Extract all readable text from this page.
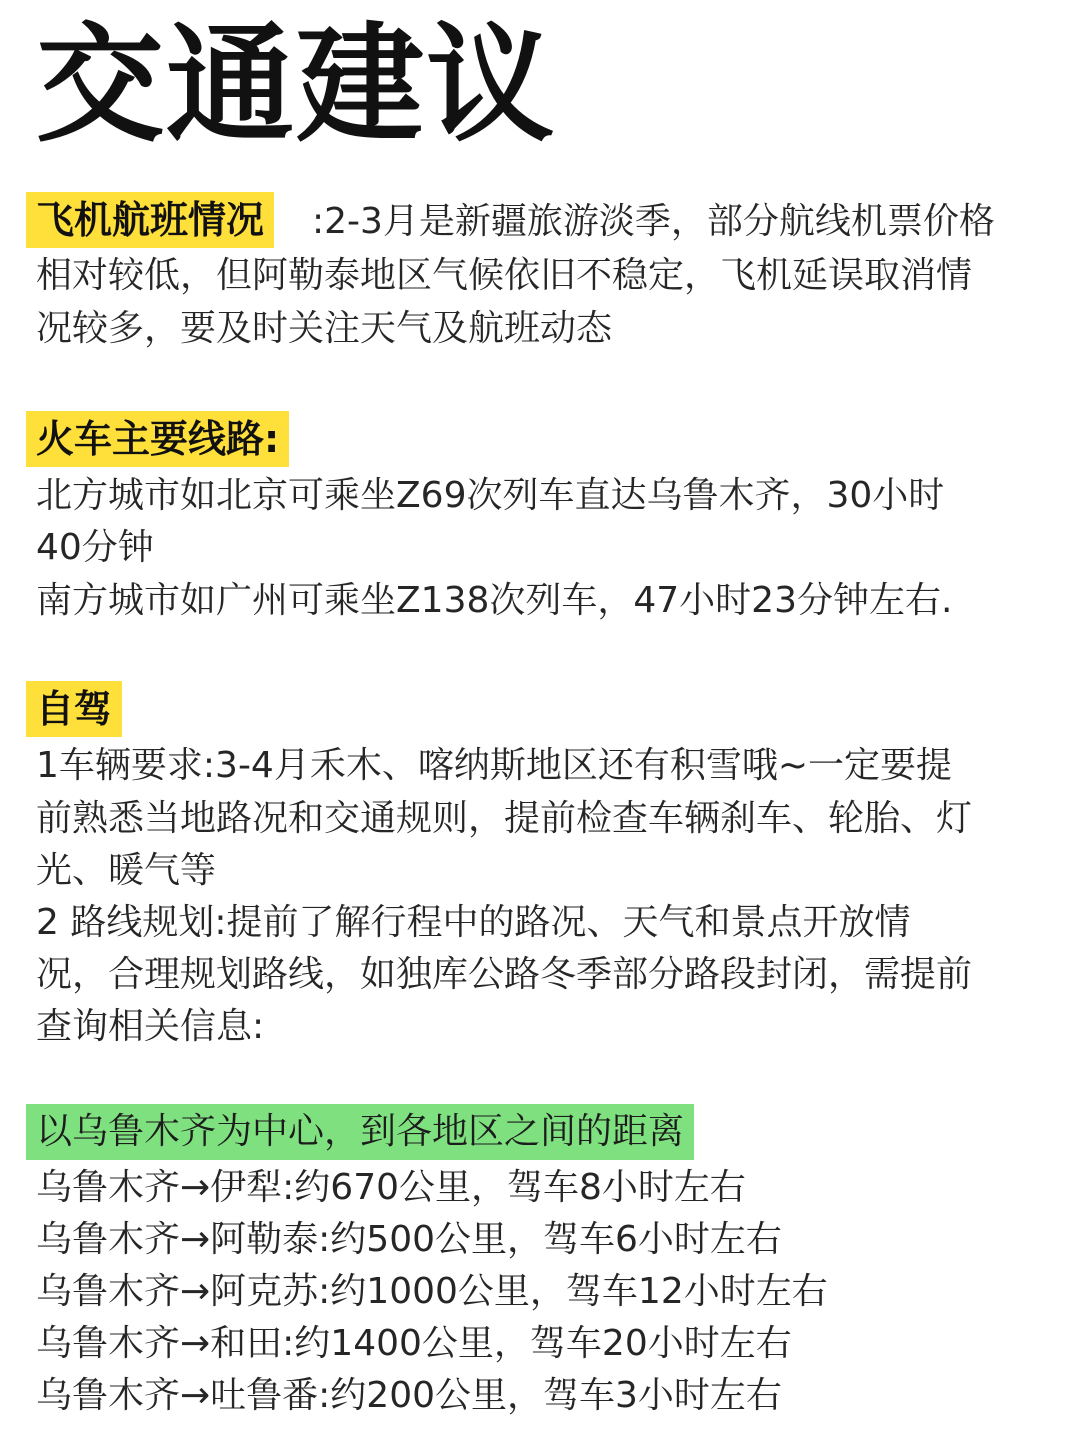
交通建议
飞机航班情况 :2-3月是新疆旅游淡季，部分航线机票价格
相对较低，但阿勒泰地区气候依旧不稳定，飞机延误取消情
况较多，要及时关注天气及航班动态
火车主要线路:
北方城市如北京可乘坐Z69次列车直达乌鲁木齐，30小时
40分钟
南方城市如广州可乘坐Z138次列车，47小时23分钟左右.
自驾
1车辆要求:3-4月禾木、喀纳斯地区还有积雪哦~一定要提
前熟悉当地路况和交通规则，提前检查车辆刹车、轮胎、灯
光、暖气等
2 路线规划:提前了解行程中的路况、天气和景点开放情
况，合理规划路线，如独库公路冬季部分路段封闭，需提前
查询相关信息:
以乌鲁木齐为中心，到各地区之间的距离
乌鲁木齐→伊犁:约670公里，驾车8小时左右
乌鲁木齐→阿勒泰:约500公里，驾车6小时左右
乌鲁木齐→阿克苏:约1000公里，驾车12小时左右
乌鲁木齐→和田:约1400公里，驾车20小时左右
乌鲁木齐→吐鲁番:约200公里，驾车3小时左右
